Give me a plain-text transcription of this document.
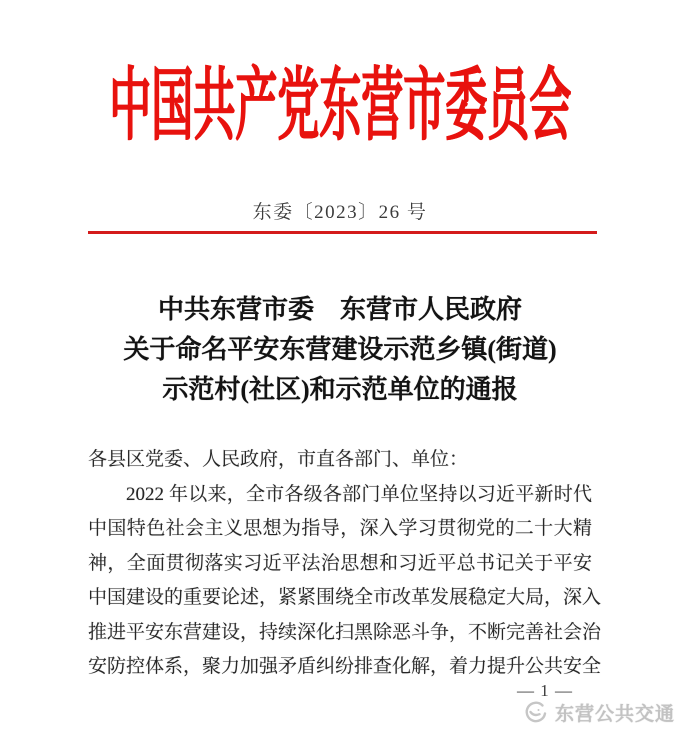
中国共产党东营市委员会
东委〔2023〕26 号
中共东营市委　东营市人民政府
关于命名平安东营建设示范乡镇(街道)
示范村(社区)和示范单位的通报
各县区党委、人民政府，市直各部门、单位：
2022 年以来，全市各级各部门单位坚持以习近平新时代
中国特色社会主义思想为指导，深入学习贯彻党的二十大精
神，全面贯彻落实习近平法治思想和习近平总书记关于平安
中国建设的重要论述，紧紧围绕全市改革发展稳定大局，深入
推进平安东营建设，持续深化扫黑除恶斗争，不断完善社会治
安防控体系，聚力加强矛盾纠纷排查化解，着力提升公共安全
— 1 —
东营公共交通
